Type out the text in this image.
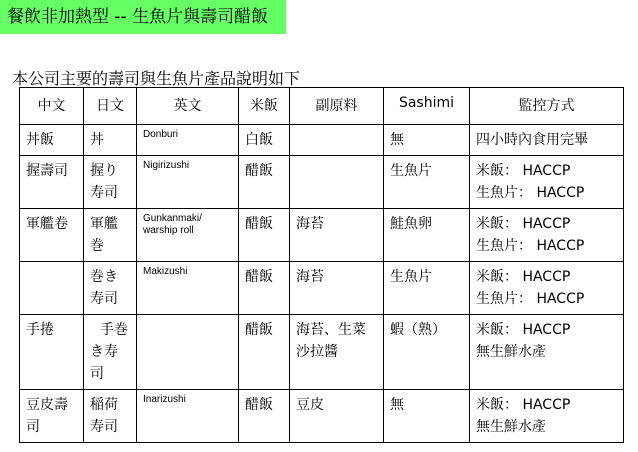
餐飲非加熱型 -- 生魚片與壽司醋飯
本公司主要的壽司與生魚片產品說明如下
中文	日文	英文	米飯	副原料	Sashimi	監控方式

丼飯	丼	Donburi	白飯		無	四小時內食用完畢

握壽司	握り
寿司	Nigirizushi	醋飯		生魚片	米飯： HACCP
生魚片： HACCP

軍艦卷	軍艦
巻	Gunkanmaki/
warship roll	醋飯	海苔	鮭魚卵	米飯： HACCP
生魚片： HACCP

	巻き
寿司	Makizushi	醋飯	海苔	生魚片	米飯： HACCP
生魚片： HACCP

手捲	手巻
き寿
司		醋飯	海苔、生菜
沙拉醬	蝦（熟）	米飯： HACCP
無生鮮水產

豆皮壽
司	稲荷
寿司	Inarizushi	醋飯	豆皮	無	米飯： HACCP
無生鮮水產
